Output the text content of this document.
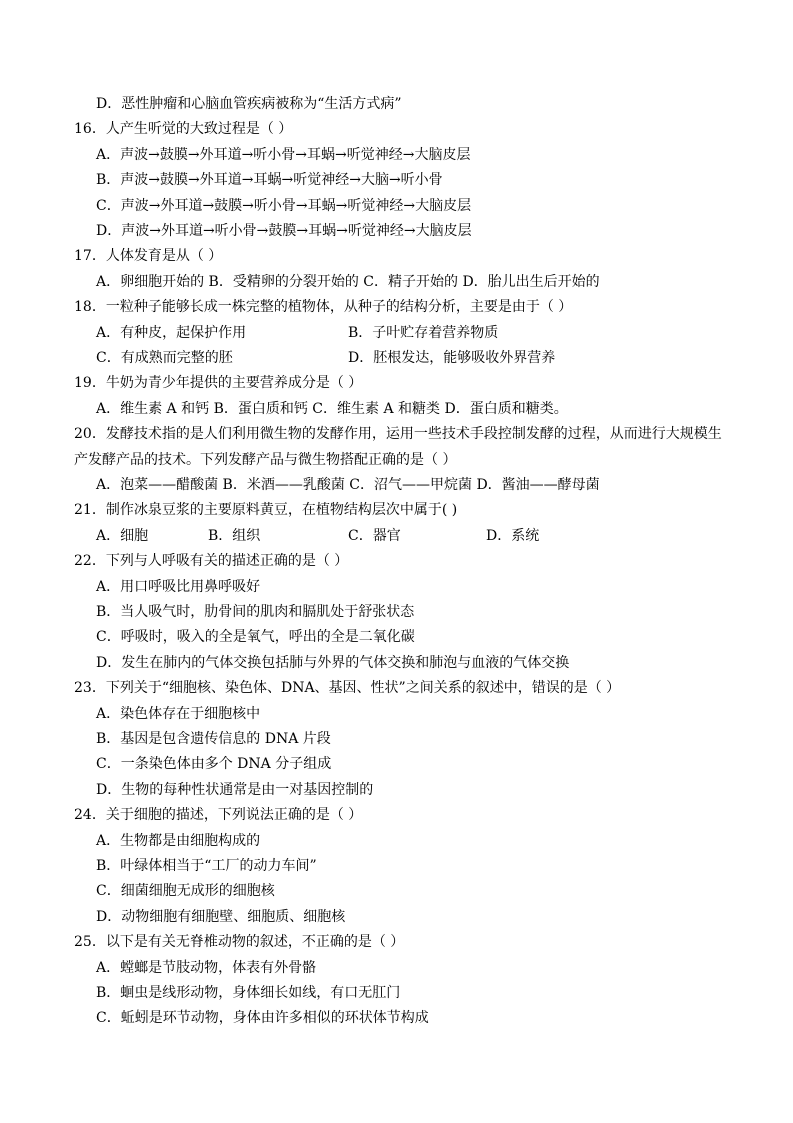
D．恶性肿瘤和心脑血管疾病被称为“生活方式病”
16．人产生听觉的大致过程是（ ）
A．声波→鼓膜→外耳道→听小骨→耳蜗→听觉神经→大脑皮层
B．声波→鼓膜→外耳道→耳蜗→听觉神经→大脑→听小骨
C．声波→外耳道→鼓膜→听小骨→耳蜗→听觉神经→大脑皮层
D．声波→外耳道→听小骨→鼓膜→耳蜗→听觉神经→大脑皮层
17．人体发育是从（ ）
A．卵细胞开始的 B．受精卵的分裂开始的 C．精子开始的 D．胎儿出生后开始的
18．一粒种子能够长成一株完整的植物体，从种子的结构分析，主要是由于（ ）
A．有种皮，起保护作用	B．子叶贮存着营养物质
C．有成熟而完整的胚	D．胚根发达，能够吸收外界营养
19．牛奶为青少年提供的主要营养成分是（ ）
A．维生素 A 和钙 B．蛋白质和钙 C．维生素 A 和糖类 D．蛋白质和糖类。
20．发酵技术指的是人们利用微生物的发酵作用，运用一些技术手段控制发酵的过程，从而进行大规模生
产发酵产品的技术。下列发酵产品与微生物搭配正确的是（ ）
A．泡菜——醋酸菌 B．米酒——乳酸菌 C．沼气——甲烷菌 D．酱油——酵母菌
21．制作冰泉豆浆的主要原料黄豆，在植物结构层次中属于( )
A．细胞	B．组织	C．器官	D．系统
22．下列与人呼吸有关的描述正确的是（ ）
A．用口呼吸比用鼻呼吸好
B．当人吸气时，肋骨间的肌肉和膈肌处于舒张状态
C．呼吸时，吸入的全是氧气，呼出的全是二氧化碳
D．发生在肺内的气体交换包括肺与外界的气体交换和肺泡与血液的气体交换
23．下列关于“细胞核、染色体、DNA、基因、性状”之间关系的叙述中，错误的是（ ）
A．染色体存在于细胞核中
B．基因是包含遗传信息的 DNA 片段
C．一条染色体由多个 DNA 分子组成
D．生物的每种性状通常是由一对基因控制的
24．关于细胞的描述，下列说法正确的是（ ）
A．生物都是由细胞构成的
B．叶绿体相当于“工厂的动力车间”
C．细菌细胞无成形的细胞核
D．动物细胞有细胞壁、细胞质、细胞核
25．以下是有关无脊椎动物的叙述，不正确的是（ ）
A．螳螂是节肢动物，体表有外骨骼
B．蛔虫是线形动物，身体细长如线，有口无肛门
C．蚯蚓是环节动物，身体由许多相似的环状体节构成
